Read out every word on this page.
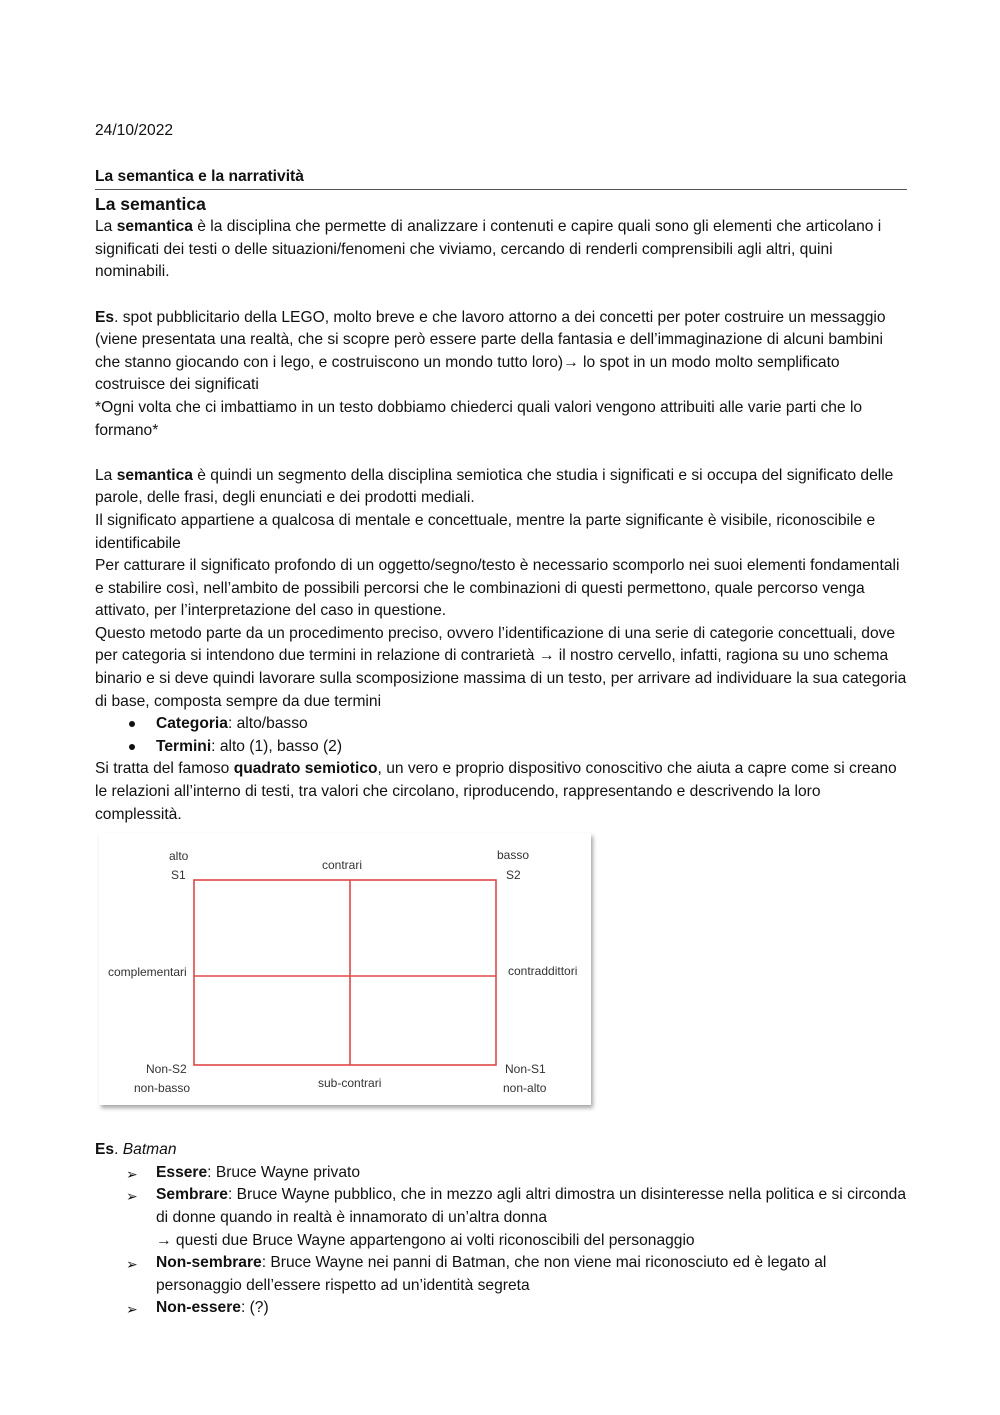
24/10/2022

La semantica e la narratività

La semantica

La semantica è la disciplina che permette di analizzare i contenuti e capire quali sono gli elementi che articolano i significati dei testi o delle situazioni/fenomeni che viviamo, cercando di renderli comprensibili agli altri, quini nominabili.

Es. spot pubblicitario della LEGO, molto breve e che lavoro attorno a dei concetti per poter costruire un messaggio (viene presentata una realtà, che si scopre però essere parte della fantasia e dell’immaginazione di alcuni bambini che stanno giocando con i lego, e costruiscono un mondo tutto loro)→ lo spot in un modo molto semplificato costruisce dei significati

*Ogni volta che ci imbattiamo in un testo dobbiamo chiederci quali valori vengono attribuiti alle varie parti che lo formano*

La semantica è quindi un segmento della disciplina semiotica che studia i significati e si occupa del significato delle parole, delle frasi, degli enunciati e dei prodotti mediali.

Il significato appartiene a qualcosa di mentale e concettuale, mentre la parte significante è visibile, riconoscibile e identificabile

Per catturare il significato profondo di un oggetto/segno/testo è necessario scomporlo nei suoi elementi fondamentali e stabilire così, nell’ambito de possibili percorsi che le combinazioni di questi permettono, quale percorso venga attivato, per l’interpretazione del caso in questione.

Questo metodo parte da un procedimento preciso, ovvero l’identificazione di una serie di categorie concettuali, dove per categoria si intendono due termini in relazione di contrarietà → il nostro cervello, infatti, ragiona su uno schema binario e si deve quindi lavorare sulla scomposizione massima di un testo, per arrivare ad individuare la sua categoria di base, composta sempre da due termini

Categoria: alto/basso
Termini: alto (1), basso (2)

Si tratta del famoso quadrato semiotico, un vero e proprio dispositivo conoscitivo che aiuta a capre come si creano le relazioni all’interno di testi, tra valori che circolano, riproducendo, rappresentando e descrivendo la loro complessità.

alto
S1
contrari
basso
S2
complementari	contraddittori
Non-S2
non-basso	sub-contrari
Non-S1
non-alto

Es. Batman

➢ Essere: Bruce Wayne privato
➢ Sembrare: Bruce Wayne pubblico, che in mezzo agli altri dimostra un disinteresse nella politica e si circonda di donne quando in realtà è innamorato di un’altra donna
→ questi due Bruce Wayne appartengono ai volti riconoscibili del personaggio
➢ Non-sembrare: Bruce Wayne nei panni di Batman, che non viene mai riconosciuto ed è legato al personaggio dell’essere rispetto ad un’identità segreta
➢ Non-essere: (?)
